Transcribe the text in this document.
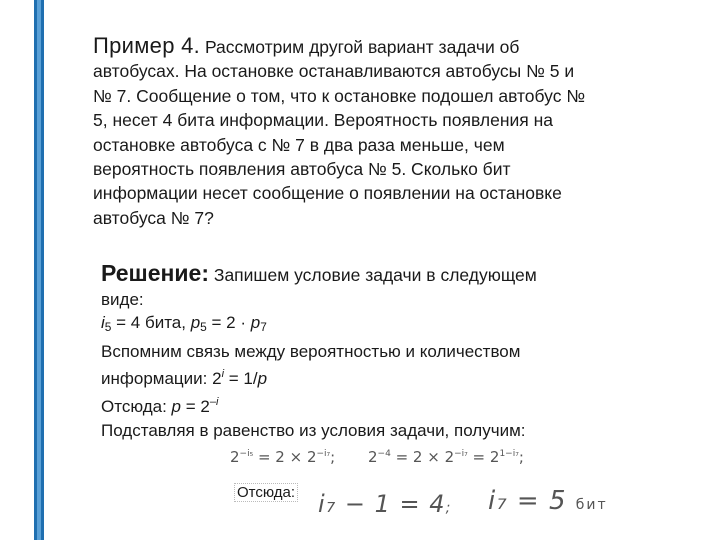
Пример 4. Рассмотрим другой вариант задачи об
автобусах. На остановке останавливаются автобусы № 5 и
№ 7. Сообщение о том, что к остановке подошел автобус №
5, несет 4 бита информации. Вероятность появления на
остановке автобуса с № 7 в два раза меньше, чем
вероятность появления автобуса № 5. Сколько бит
информации несет сообщение о появлении на остановке
автобуса № 7?
Решение: Запишем условие задачи в следующем
виде:
$i_5 = 4$ бита, $p_5 = 2 \cdot p_7$
Вспомним связь между вероятностью и количеством
информации: $2^i = 1/p$
Отсюда: $p = 2^{-i}$
Подставляя в равенство из условия задачи, получим:
$2^{-i_5} = 2 \times 2^{-i_7}$; $2^{-4} = 2 \times 2^{-i_7} = 2^{1-i_7}$;
Отсюда: i₇ − 1 = 4; i₇ = 5 бит
